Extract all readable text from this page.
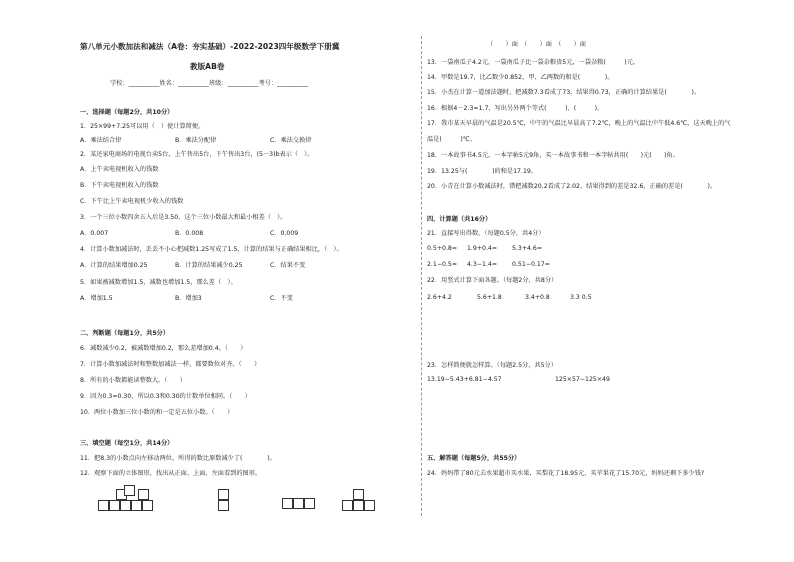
第八单元小数加法和减法（A卷：夯实基础）-2022-2023四年级数学下册冀
教版AB卷
学校：__________姓名：__________班级：__________考号：__________
一、选择题（每题2分，共10分）
1．25×99+7.25可以用（　）使计算简便。
A．乘法结合律	B．乘法分配律	C．乘法交换律
2．某还家电商场的电视台卖5台，上午售出5台，下午售出3台，(5－3)b表示（　）。
A．上午卖电视机收入的钱数
B．下午卖电视机收入的钱数
C．下午比上午卖电视机少收入的钱数
3．一个三位小数四舍五入后是3.50，这个三位小数最大和最小相差（　）。
A．0.007	B．0.008	C．0.009
4．计算小数加减法时，丢丢不小心把减数1.25写成了1.5，计算的结果与正确结果相比，（　）。
A．计算的结果增加0.25	B．计算的结果减少0.25	C．结果不变
5．如果被减数增加1.5，减数也增加1.5，那么差（　）。
A．增加1.5	B．增加3	C．不变
二、判断题（每题1分，共5分）
6．减数减少0.2，被减数增加0.2，那么差增加0.4。（　　）
7．计算小数加减法时和整数加减法一样，都要数位对齐。（　　）
8．所有的小数都能读整数大。（　　）
9．因为0.3=0.30，所以0.3和0.30的计数单位相同。（　　）
10．两位小数加三位小数的和一定是五位小数。（　　）
三、填空题（每空1分，共14分）
11．把8.3的小数点向左移动两位，所得的数比原数减少了(　　　　)。
12．观察下面的立体图形，找出从正面、上面、左面看到的图形。
（　　）面　（　　）面　（　　）面
13．一袋南瓜子4.2元，一袋南瓜子比一袋杂粮贵5元，一袋杂粮(　　　)元。
14．甲数是19.7，比乙数少0.852，甲、乙两数的和是(　　　　)。
15．小杰在计算一道加法题时，把减数7.3看成了73，结果得0.73，正确的计算结果是(　　　　)。
16．根据4－2.3=1.7，写出另外两个等式(　　　)、(　　　)。
17．我市某天早晨的气温是20.5℃，中午的气温比早晨高了7.2℃，晚上的气温比中午低4.6℃，这天晚上的气
温是(　　　)℃。
18．一本故事书4.5元，一本字帖5元9角，买一本故事书和一本字帖共用(　　)元(　　)角。
19．13.25与(　　　　)的和是17.19。
20．小青在计算小数减法时，错把减数20.2看成了2.02，结果得到的差是32.6，正确的差是(　　　　)。
四、计算题（共16分）
21．直接写出得数。（每题0.5分，共4分）
0.5+0.8= 1.9+0.4= 5.3+4.6=
2.1−0.5= 4.3−1.4= 0.51−0.17=
22．用竖式计算下面各题。（每题2分，共8分）
2.6+4.2	5.6+1.8	3.4+0.8	3.3 0.5
23．怎样简便就怎样算。（每题2.5分，共5分）
13.19−5.43+6.81−4.57	125×57−125×49
五、解答题（每题5分，共55分）
24．妈妈带了80元去水果超市买水果，买梨花了18.95元，买苹果花了15.70元，妈妈还剩下多少钱?
